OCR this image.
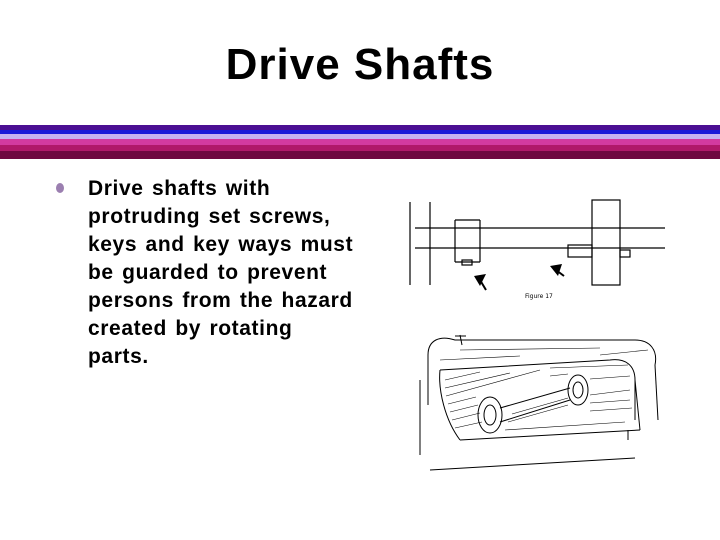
Drive Shafts
Drive shafts with protruding set screws, keys and key ways must be guarded to prevent persons from the hazard created by rotating parts.
Figure 17
